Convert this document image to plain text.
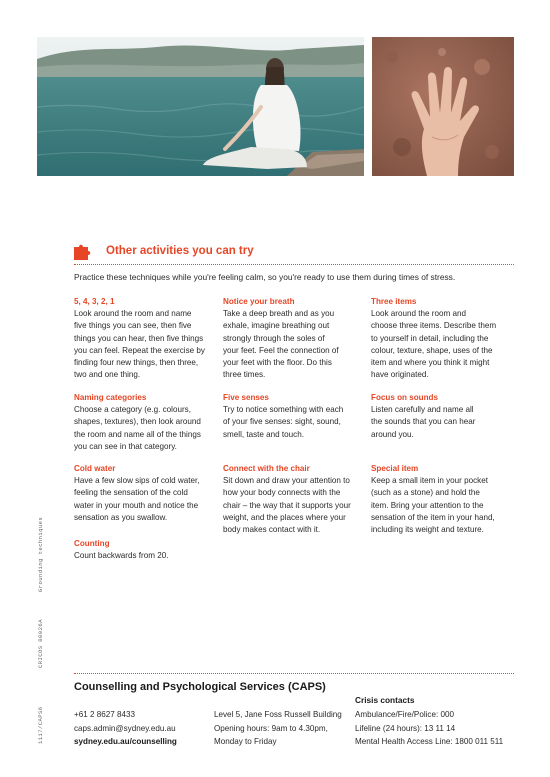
Other activities you can try
Practice these techniques while you're feeling calm, so you're ready to use them during times of stress.
5, 4, 3, 2, 1
Look around the room and name
five things you can see, then five
things you can hear, then five things
you can feel. Repeat the exercise by
finding four new things, then three,
two and one thing.
Naming categories
Choose a category (e.g. colours,
shapes, textures), then look around
the room and name all of the things
you can see in that category.
Cold water
Have a few slow sips of cold water,
feeling the sensation of the cold
water in your mouth and notice the
sensation as you swallow.
Counting
Count backwards from 20.
Notice your breath
Take a deep breath and as you
exhale, imagine breathing out
strongly through the soles of
your feet. Feel the connection of
your feet with the floor. Do this
three times.
Five senses
Try to notice something with each
of your five senses: sight, sound,
smell, taste and touch.
Connect with the chair
Sit down and draw your attention to
how your body connects with the
chair – the way that it supports your
weight, and the places where your
body makes contact with it.
Three items
Look around the room and
choose three items. Describe them
to yourself in detail, including the
colour, texture, shape, uses of the
item and where you think it might
have originated.
Focus on sounds
Listen carefully and name all
the sounds that you can hear
around you.
Special item
Keep a small item in your pocket
(such as a stone) and hold the
item. Bring your attention to the
sensation of the item in your hand,
including its weight and texture.
Grounding techniques
CRICOS 00026A
1117/CAPS6
Counselling and Psychological Services (CAPS)
Crisis contacts
+61 2 8627 8433
caps.admin@sydney.edu.au
sydney.edu.au/counselling
Level 5, Jane Foss Russell Building
Opening hours: 9am to 4.30pm,
Monday to Friday
Ambulance/Fire/Police: 000
Lifeline (24 hours): 13 11 14
Mental Health Access Line: 1800 011 511
